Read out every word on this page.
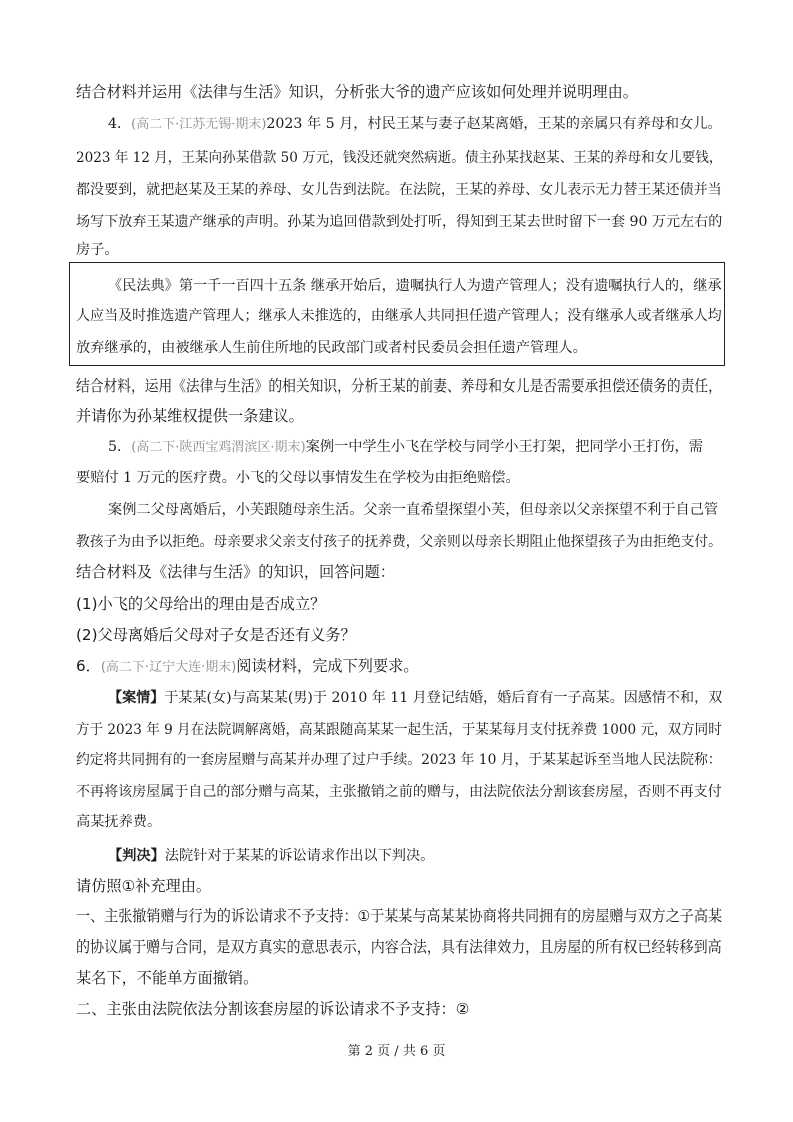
结合材料并运用《法律与生活》知识，分析张大爷的遗产应该如何处理并说明理由。
4．(高二下·江苏无锡·期末)2023 年 5 月，村民王某与妻子赵某离婚，王某的亲属只有养母和女儿。
2023 年 12 月，王某向孙某借款 50 万元，钱没还就突然病逝。债主孙某找赵某、王某的养母和女儿要钱，
都没要到，就把赵某及王某的养母、女儿告到法院。在法院，王某的养母、女儿表示无力替王某还债并当
场写下放弃王某遗产继承的声明。孙某为追回借款到处打听，得知到王某去世时留下一套 90 万元左右的
房子。
《民法典》第一千一百四十五条 继承开始后，遗嘱执行人为遗产管理人；没有遗嘱执行人的，继承
人应当及时推选遗产管理人；继承人未推选的，由继承人共同担任遗产管理人；没有继承人或者继承人均
放弃继承的，由被继承人生前住所地的民政部门或者村民委员会担任遗产管理人。
结合材料，运用《法律与生活》的相关知识，分析王某的前妻、养母和女儿是否需要承担偿还债务的责任，
并请你为孙某维权提供一条建议。
5．(高二下·陕西宝鸡渭滨区·期末)案例一中学生小飞在学校与同学小王打架，把同学小王打伤，需
要赔付 1 万元的医疗费。小飞的父母以事情发生在学校为由拒绝赔偿。
案例二父母离婚后，小芙跟随母亲生活。父亲一直希望探望小芙，但母亲以父亲探望不利于自己管
教孩子为由予以拒绝。母亲要求父亲支付孩子的抚养费，父亲则以母亲长期阻止他探望孩子为由拒绝支付。
结合材料及《法律与生活》的知识，回答问题：
(1)小飞的父母给出的理由是否成立？
(2)父母离婚后父母对子女是否还有义务？
6．(高二下·辽宁大连·期末)阅读材料，完成下列要求。
【案情】于某某(女)与高某某(男)于 2010 年 11 月登记结婚，婚后育有一子高某。因感情不和，双
方于 2023 年 9 月在法院调解离婚，高某跟随高某某一起生活，于某某每月支付抚养费 1000 元，双方同时
约定将共同拥有的一套房屋赠与高某并办理了过户手续。2023 年 10 月，于某某起诉至当地人民法院称：
不再将该房屋属于自己的部分赠与高某，主张撤销之前的赠与，由法院依法分割该套房屋，否则不再支付
高某抚养费。
【判决】法院针对于某某的诉讼请求作出以下判决。
请仿照①补充理由。
一、主张撤销赠与行为的诉讼请求不予支持：①于某某与高某某协商将共同拥有的房屋赠与双方之子高某
的协议属于赠与合同，是双方真实的意思表示，内容合法，具有法律效力，且房屋的所有权已经转移到高
某名下，不能单方面撤销。
二、主张由法院依法分割该套房屋的诉讼请求不予支持：②
第 2 页 / 共 6 页
